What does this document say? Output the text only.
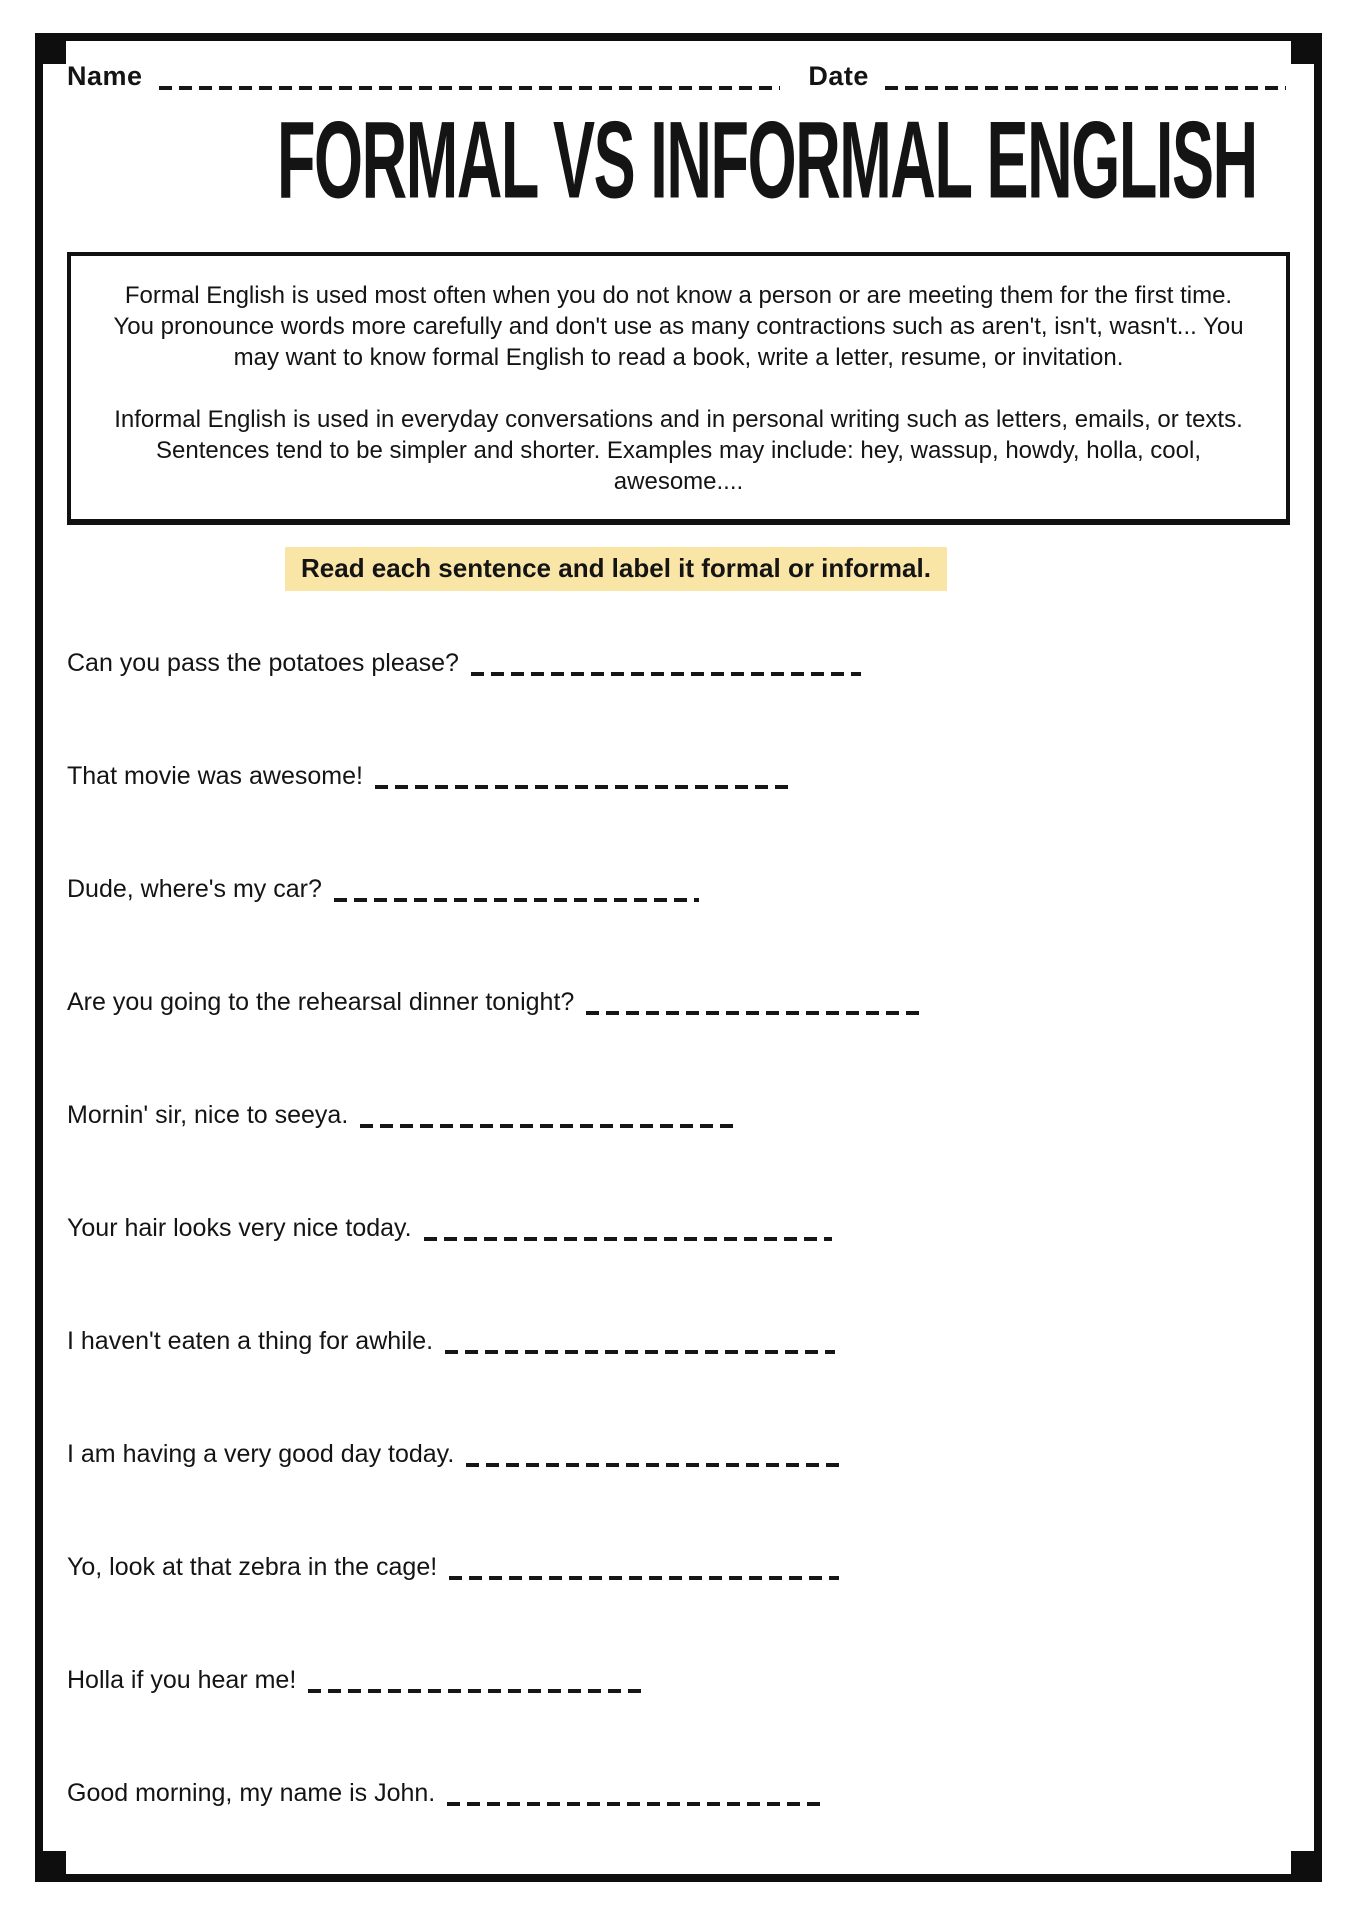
Name	Date
FORMAL VS INFORMAL ENGLISH

Formal English is used most often when you do not know a person or are meeting them for the first time. You pronounce words more carefully and don't use as many contractions such as aren't, isn't, wasn't... You may want to know formal English to read a book, write a letter, resume, or invitation.

Informal English is used in everyday conversations and in personal writing such as letters, emails, or texts. Sentences tend to be simpler and shorter. Examples may include: hey, wassup, howdy, holla, cool, awesome....

Read each sentence and label it formal or informal.
Can you pass the potatoes please?
That movie was awesome!
Dude, where's my car?
Are you going to the rehearsal dinner tonight?
Mornin' sir, nice to seeya.
Your hair looks very nice today.
I haven't eaten a thing for awhile.
I am having a very good day today.
Yo, look at that zebra in the cage!
Holla if you hear me!
Good morning, my name is John.
